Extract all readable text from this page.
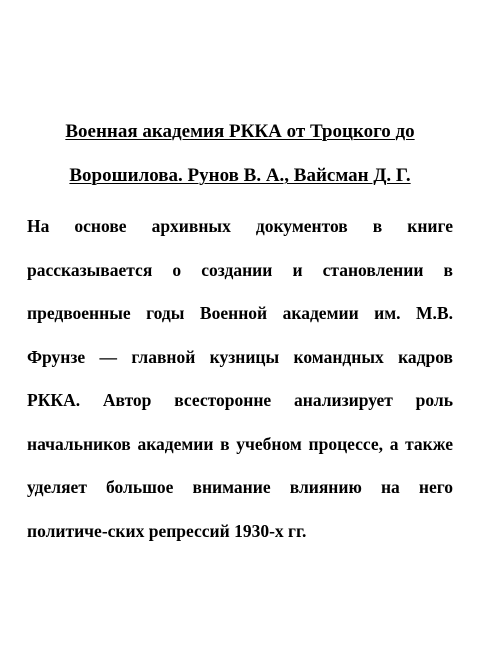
Военная академия РККА от Троцкого до Ворошилова. Рунов В. А., Вайсман Д. Г.

На основе архивных документов в книге рассказывается о создании и становлении в предвоенные годы Военной академии им. М.В. Фрунзе — главной кузницы командных кадров РККА. Автор всесторонне анализирует роль начальников академии в учебном процессе, а также уделяет большое внимание влиянию на него политиче-ских репрессий 1930-х гг.
